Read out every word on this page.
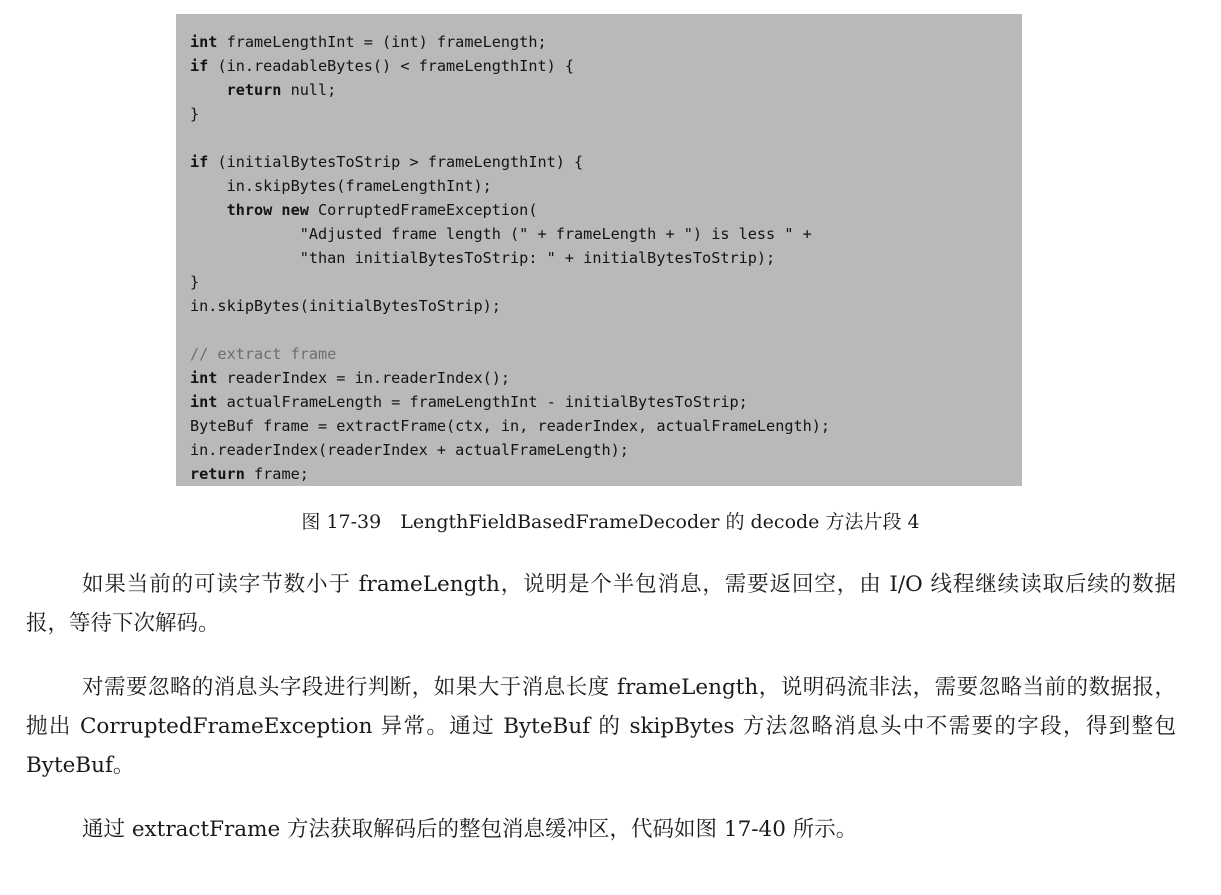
int frameLengthInt = (int) frameLength;
if (in.readableBytes() < frameLengthInt) {
return null;
}
if (initialBytesToStrip > frameLengthInt) {
in.skipBytes(frameLengthInt);
throw new CorruptedFrameException(
"Adjusted frame length (" + frameLength + ") is less " +
"than initialBytesToStrip: " + initialBytesToStrip);
}
in.skipBytes(initialBytesToStrip);
// extract frame
int readerIndex = in.readerIndex();
int actualFrameLength = frameLengthInt - initialBytesToStrip;
ByteBuf frame = extractFrame(ctx, in, readerIndex, actualFrameLength);
in.readerIndex(readerIndex + actualFrameLength);
return frame;
图 17-39　LengthFieldBasedFrameDecoder 的 decode 方法片段 4

如果当前的可读字节数小于 frameLength，说明是个半包消息，需要返回空，由 I/O 线程继续读取后续的数据报，等待下次解码。

对需要忽略的消息头字段进行判断，如果大于消息长度 frameLength，说明码流非法，需要忽略当前的数据报，抛出 CorruptedFrameException 异常。通过 ByteBuf 的 skipBytes 方法忽略消息头中不需要的字段，得到整包 ByteBuf。

通过 extractFrame 方法获取解码后的整包消息缓冲区，代码如图 17-40 所示。
